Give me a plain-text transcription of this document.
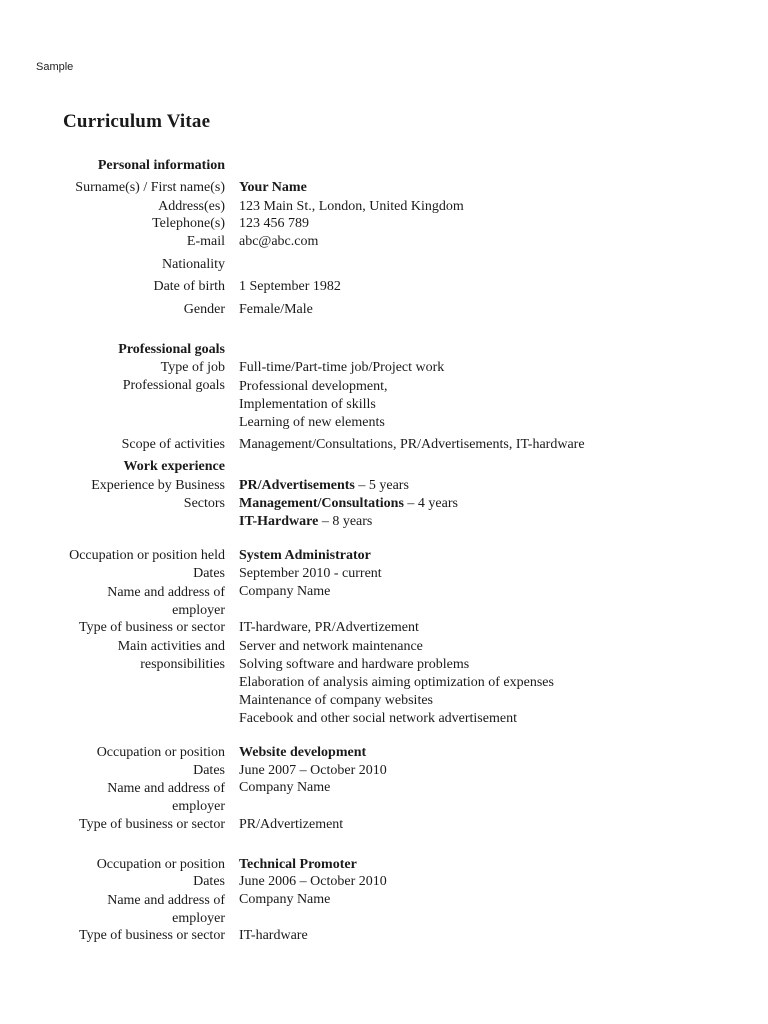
Sample
Curriculum Vitae
Personal information
Surname(s) / First name(s) Your Name
Address(es) 123 Main St., London, United Kingdom
Telephone(s) 123 456 789
E-mail abc@abc.com
Nationality
Date of birth 1 September 1982
Gender Female/Male
Professional goals
Type of job Full-time/Part-time job/Project work
Professional goals Professional development,
Implementation of skills
Learning of new elements
Scope of activities Management/Consultations, PR/Advertisements, IT-hardware
Work experience
Experience by Business
Sectors
PR/Advertisements – 5 years
Management/Consultations – 4 years
IT-Hardware – 8 years
Occupation or position held System Administrator
Dates September 2010 - current
Name and address of
employer
Company Name
Type of business or sector IT-hardware, PR/Advertizement
Main activities and
responsibilities
Server and network maintenance
Solving software and hardware problems
Elaboration of analysis aiming optimization of expenses
Maintenance of company websites
Facebook and other social network advertisement
Occupation or position Website development
Dates June 2007 – October 2010
Name and address of
employer
Company Name
Type of business or sector PR/Advertizement
Occupation or position Technical Promoter
Dates June 2006 – October 2010
Name and address of
employer
Company Name
Type of business or sector IT-hardware
